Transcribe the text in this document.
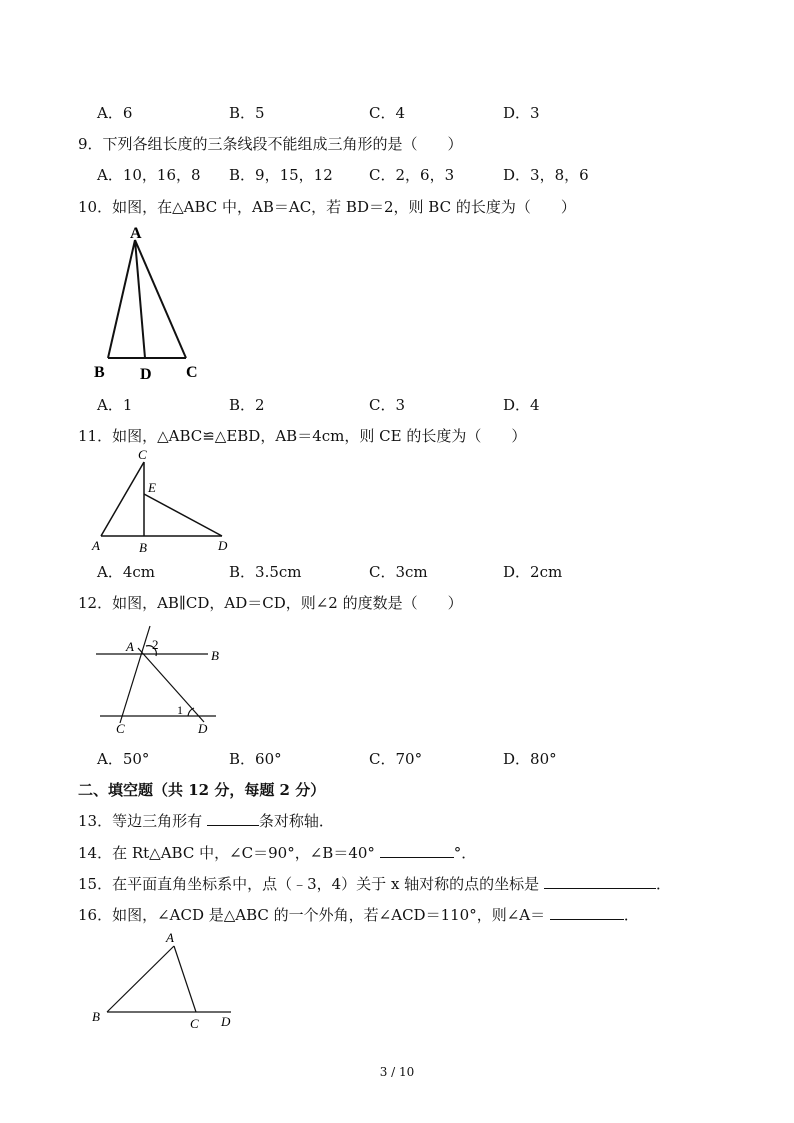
A．6	B．5	C．4	D．3
9．下列各组长度的三条线段不能组成三角形的是（　　）
A．10，16，8 B．9，15，12 C．2，6，3	D．3，8，6
10．如图，在△ABC 中，AB＝AC，若 BD＝2，则 BC 的长度为（　　）
A
B D C
A．1	B．2	C．3	D．4
11．如图，△ABC≌△EBD，AB＝4cm，则 CE 的长度为（　　）
C
E
A	B	D
A．4cm	B．3.5cm	C．3cm	D．2cm
12．如图，AB∥CD，AD＝CD，则∠2 的度数是（　　）
A 2
B
1
C	D
A．50°	B．60°	C．70°	D．80°
二、填空题（共 12 分，每题 2 分）
13．等边三角形有	条对称轴．
14．在 Rt△ABC 中，∠C＝90°，∠B＝40°	°．
15．在平面直角坐标系中，点（﹣3，4）关于 x 轴对称的点的坐标是	．
16．如图，∠ACD 是△ABC 的一个外角，若∠ACD＝110°，则∠A＝	．
A
B	C D
3 / 10
